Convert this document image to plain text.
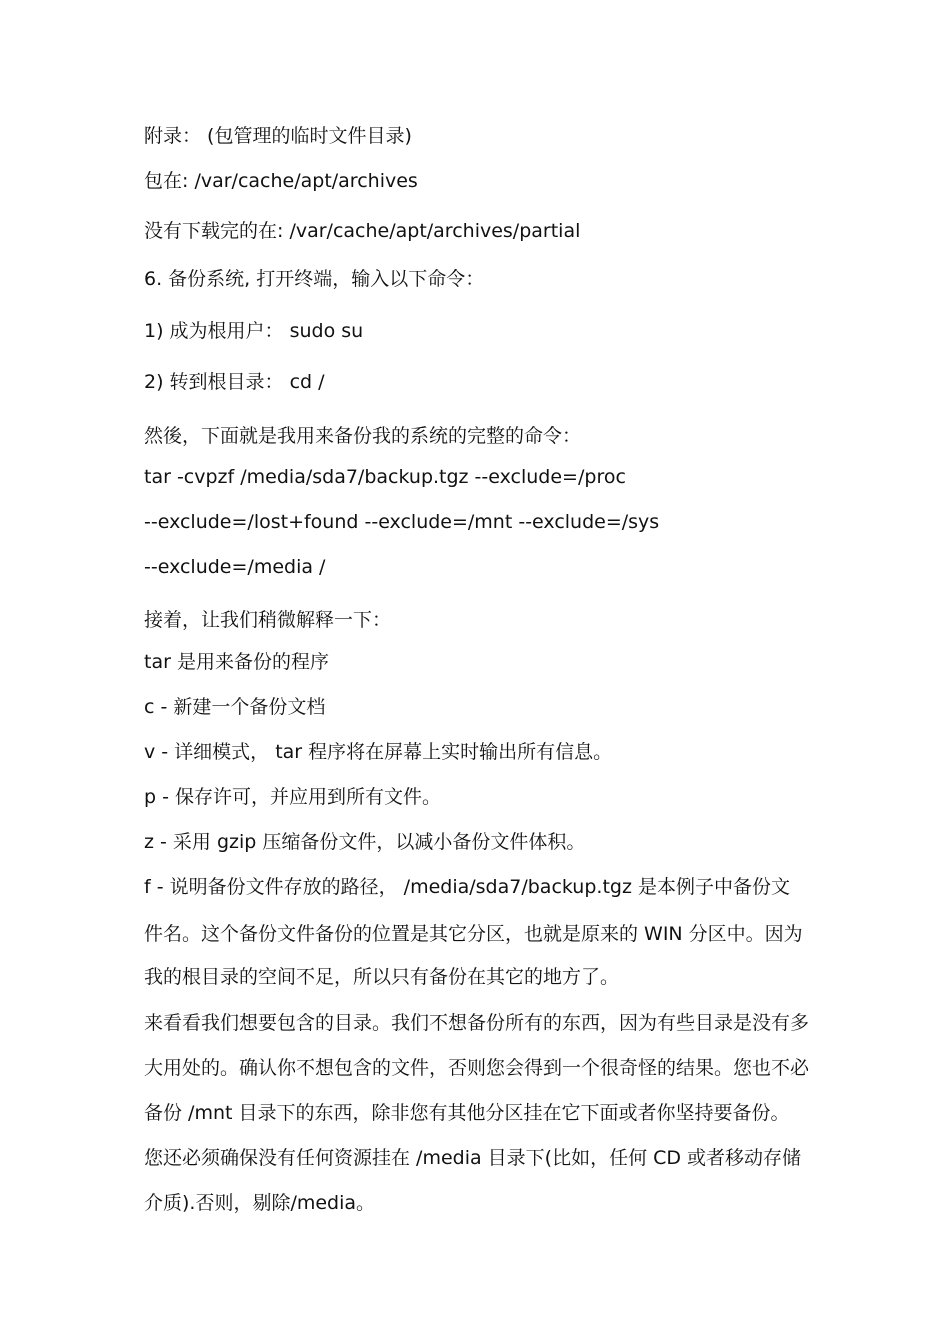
附录： (包管理的临时文件目录)
包在: /var/cache/apt/archives
没有下载完的在: /var/cache/apt/archives/partial
6. 备份系统, 打开终端，输入以下命令：
1) 成为根用户： sudo su
2) 转到根目录： cd /
然後，下面就是我用来备份我的系统的完整的命令：
tar -cvpzf /media/sda7/backup.tgz --exclude=/proc
--exclude=/lost+found --exclude=/mnt --exclude=/sys
--exclude=/media /
接着，让我们稍微解释一下：
tar 是用来备份的程序
c - 新建一个备份文档
v - 详细模式， tar 程序将在屏幕上实时输出所有信息。
p - 保存许可，并应用到所有文件。
z - 采用 gzip 压缩备份文件，以减小备份文件体积。
f - 说明备份文件存放的路径， /media/sda7/backup.tgz 是本例子中备份文
件名。这个备份文件备份的位置是其它分区，也就是原来的 WIN 分区中。因为
我的根目录的空间不足，所以只有备份在其它的地方了。
来看看我们想要包含的目录。我们不想备份所有的东西，因为有些目录是没有多
大用处的。确认你不想包含的文件，否则您会得到一个很奇怪的结果。您也不必
备份 /mnt 目录下的东西，除非您有其他分区挂在它下面或者你坚持要备份。
您还必须确保没有任何资源挂在 /media 目录下(比如，任何 CD 或者移动存储
介质).否则，剔除/media。
